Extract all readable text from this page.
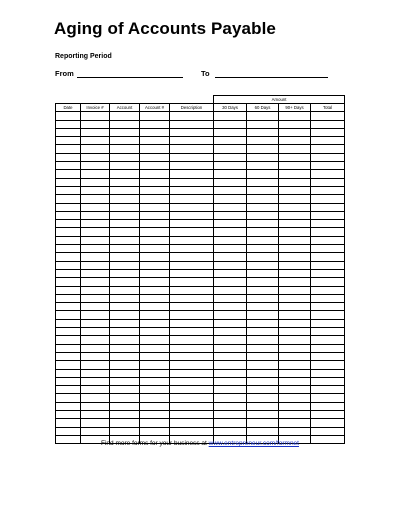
Aging of Accounts Payable
Reporting Period
From	To
					Amount			
Date	Invoice #	Account	Account #	Description	30 Days	60 Days	90+ Days	Total

Find more forms for your business at www.entrepreneur.com/formnet
